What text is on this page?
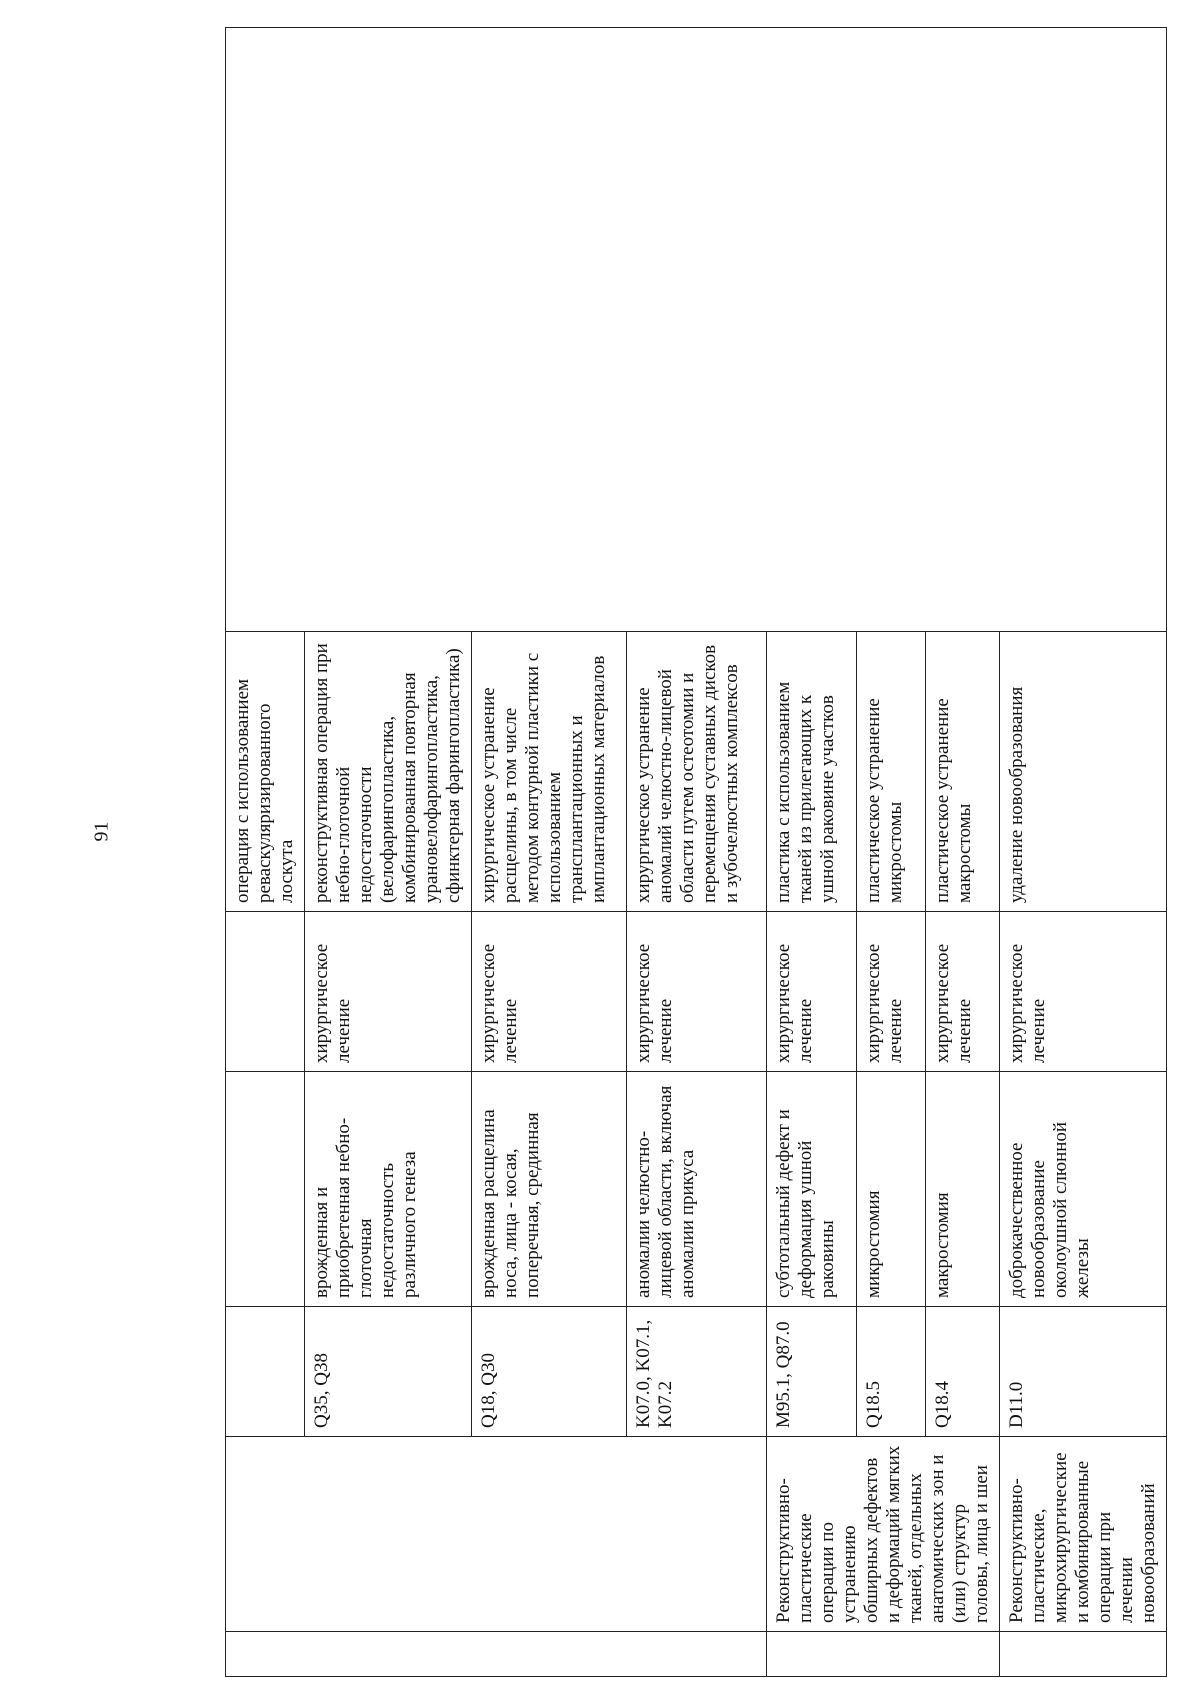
91
						операция с использованием реваскуляризированного лоскута	
		Q35, Q38	врожденная и приобретенная небно-глоточная недостаточность различного генеза	хирургическое лечение	реконструктивная операция при небно-глоточной недостаточности (велофарингопластика, комбинированная повторная урановелофарингопластика, сфинктерная фарингопластика)	
		Q18, Q30	врожденная расщелина носа, лица - косая, поперечная, срединная	хирургическое лечение	хирургическое устранение расщелины, в том числе методом контурной пластики с использованием трансплантационных и имплантационных материалов	
		K07.0, K07.1, K07.2	аномалии челюстно-лицевой области, включая аномалии прикуса	хирургическое лечение	хирургическое устранение аномалий челюстно-лицевой области путем остеотомии и перемещения суставных дисков и зубочелюстных комплексов	
	Реконструктивно-пластические операции по устранению обширных дефектов и деформаций мягких тканей, отдельных анатомических зон и (или) структур головы, лица и шеи	M95.1, Q87.0	субтотальный дефект и деформация ушной раковины	хирургическое лечение	пластика с использованием тканей из прилегающих к ушной раковине участков	
		Q18.5	микростомия	хирургическое лечение	пластическое устранение микростомы	
		Q18.4	макростомия	хирургическое лечение	пластическое устранение макростомы	
	Реконструктивно-пластические, микрохирургические и комбинированные операции при лечении новообразований	D11.0	доброкачественное новообразование околоушной слюнной железы	хирургическое лечение	удаление новообразования	
